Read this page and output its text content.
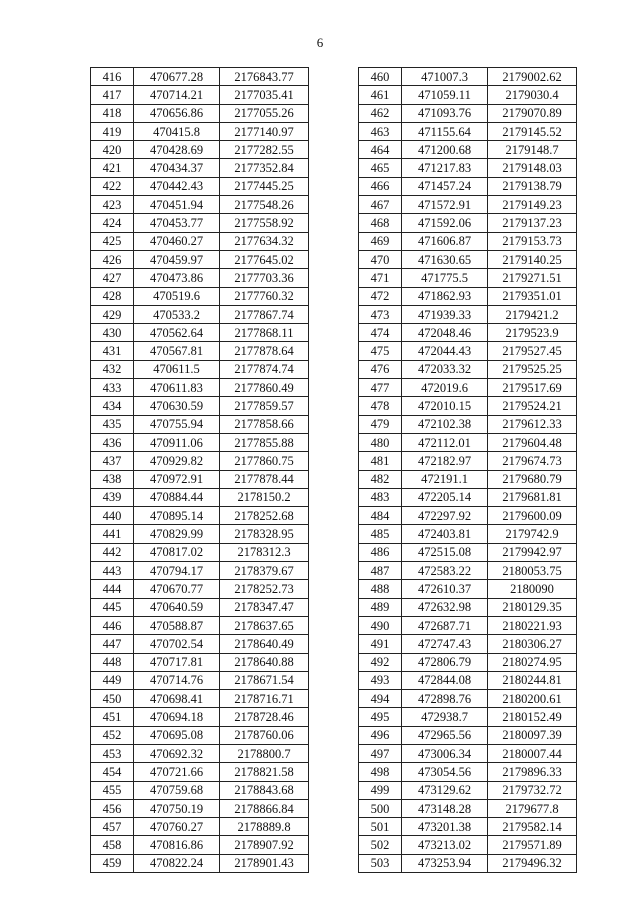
6
416	470677.28	2176843.77
417	470714.21	2177035.41
418	470656.86	2177055.26
419	470415.8	2177140.97
420	470428.69	2177282.55
421	470434.37	2177352.84
422	470442.43	2177445.25
423	470451.94	2177548.26
424	470453.77	2177558.92
425	470460.27	2177634.32
426	470459.97	2177645.02
427	470473.86	2177703.36
428	470519.6	2177760.32
429	470533.2	2177867.74
430	470562.64	2177868.11
431	470567.81	2177878.64
432	470611.5	2177874.74
433	470611.83	2177860.49
434	470630.59	2177859.57
435	470755.94	2177858.66
436	470911.06	2177855.88
437	470929.82	2177860.75
438	470972.91	2177878.44
439	470884.44	2178150.2
440	470895.14	2178252.68
441	470829.99	2178328.95
442	470817.02	2178312.3
443	470794.17	2178379.67
444	470670.77	2178252.73
445	470640.59	2178347.47
446	470588.87	2178637.65
447	470702.54	2178640.49
448	470717.81	2178640.88
449	470714.76	2178671.54
450	470698.41	2178716.71
451	470694.18	2178728.46
452	470695.08	2178760.06
453	470692.32	2178800.7
454	470721.66	2178821.58
455	470759.68	2178843.68
456	470750.19	2178866.84
457	470760.27	2178889.8
458	470816.86	2178907.92
459	470822.24	2178901.43
460	471007.3	2179002.62
461	471059.11	2179030.4
462	471093.76	2179070.89
463	471155.64	2179145.52
464	471200.68	2179148.7
465	471217.83	2179148.03
466	471457.24	2179138.79
467	471572.91	2179149.23
468	471592.06	2179137.23
469	471606.87	2179153.73
470	471630.65	2179140.25
471	471775.5	2179271.51
472	471862.93	2179351.01
473	471939.33	2179421.2
474	472048.46	2179523.9
475	472044.43	2179527.45
476	472033.32	2179525.25
477	472019.6	2179517.69
478	472010.15	2179524.21
479	472102.38	2179612.33
480	472112.01	2179604.48
481	472182.97	2179674.73
482	472191.1	2179680.79
483	472205.14	2179681.81
484	472297.92	2179600.09
485	472403.81	2179742.9
486	472515.08	2179942.97
487	472583.22	2180053.75
488	472610.37	2180090
489	472632.98	2180129.35
490	472687.71	2180221.93
491	472747.43	2180306.27
492	472806.79	2180274.95
493	472844.08	2180244.81
494	472898.76	2180200.61
495	472938.7	2180152.49
496	472965.56	2180097.39
497	473006.34	2180007.44
498	473054.56	2179896.33
499	473129.62	2179732.72
500	473148.28	2179677.8
501	473201.38	2179582.14
502	473213.02	2179571.89
503	473253.94	2179496.32
